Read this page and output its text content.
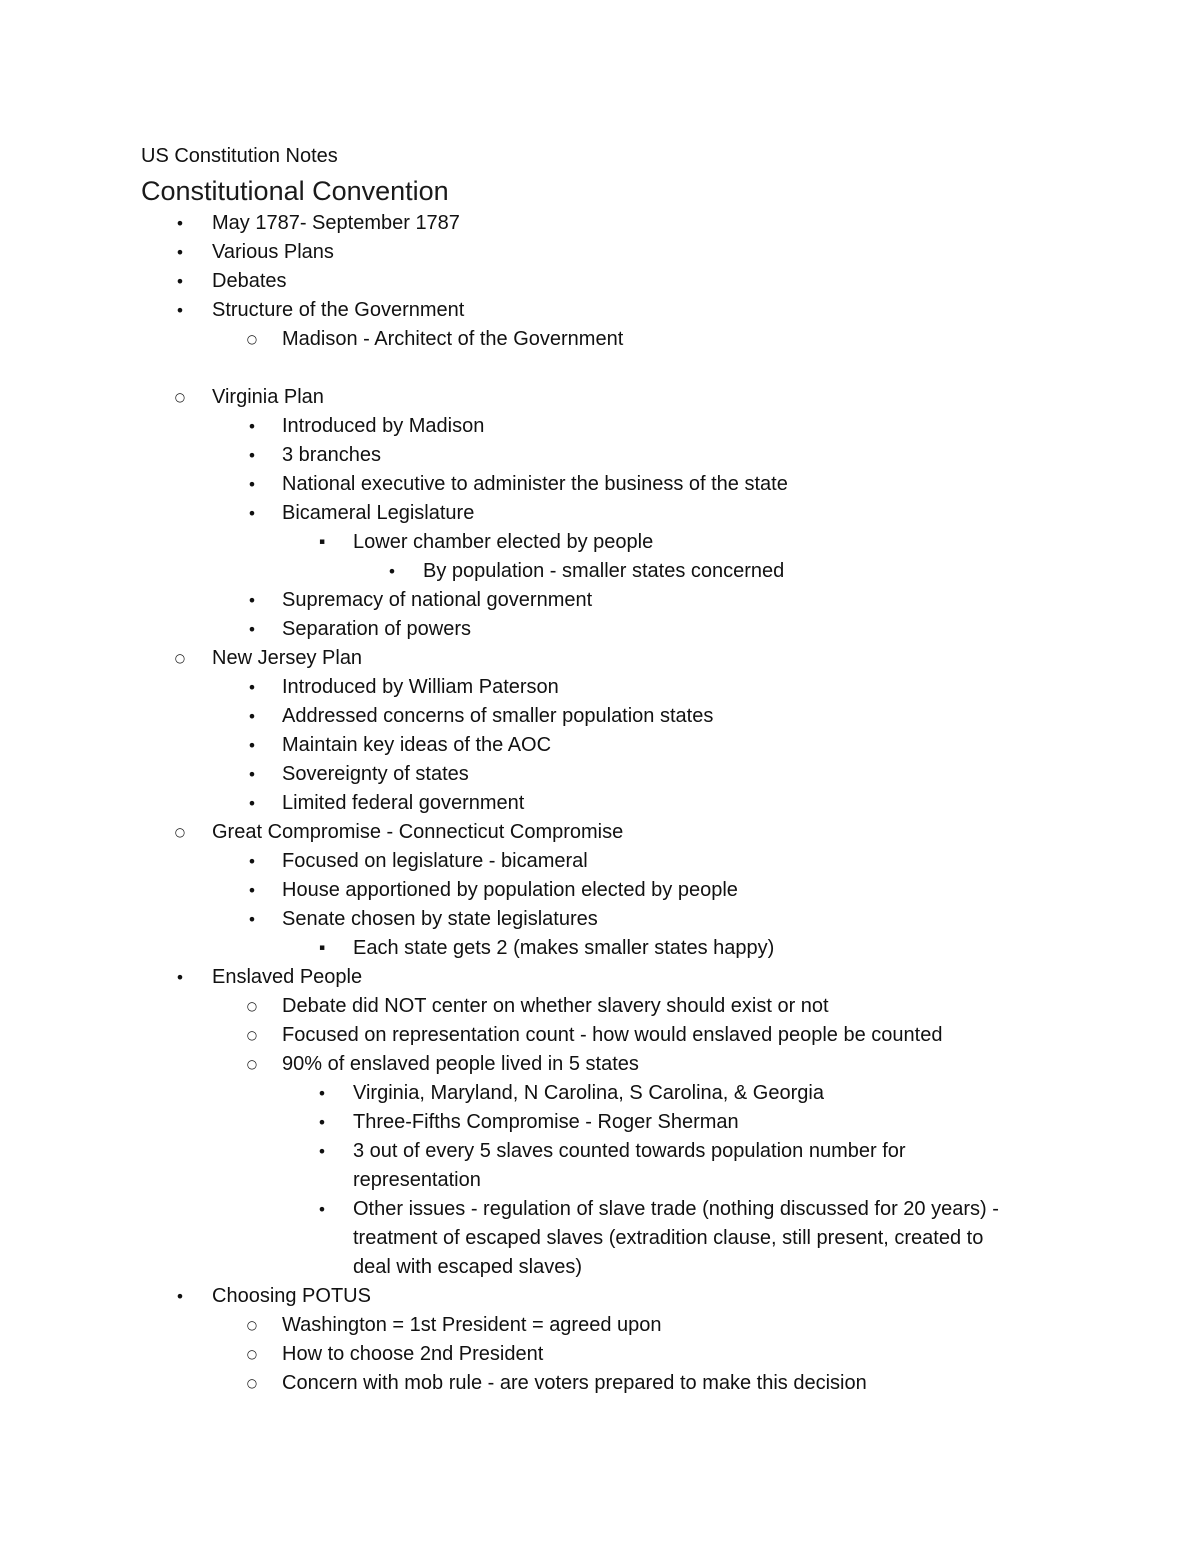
US Constitution Notes
Constitutional Convention
• May 1787- September 1787
• Various Plans
• Debates
• Structure of the Government
○ Madison - Architect of the Government
○ Virginia Plan
• Introduced by Madison
• 3 branches
• National executive to administer the business of the state
• Bicameral Legislature
▪	Lower chamber elected by people
• By population - smaller states concerned
• Supremacy of national government
• Separation of powers
○ New Jersey Plan
• Introduced by William Paterson
• Addressed concerns of smaller population states
• Maintain key ideas of the AOC
• Sovereignty of states
• Limited federal government
○ Great Compromise - Connecticut Compromise
• Focused on legislature - bicameral
• House apportioned by population elected by people
• Senate chosen by state legislatures
▪	Each state gets 2 (makes smaller states happy)
• Enslaved People
○ Debate did NOT center on whether slavery should exist or not
○ Focused on representation count - how would enslaved people be counted
○ 90% of enslaved people lived in 5 states
• Virginia, Maryland, N Carolina, S Carolina, & Georgia
• Three-Fifths Compromise - Roger Sherman
• 3 out of every 5 slaves counted towards population number for
representation
• Other issues - regulation of slave trade (nothing discussed for 20 years) -
treatment of escaped slaves (extradition clause, still present, created to
deal with escaped slaves)
• Choosing POTUS
○ Washington = 1st President = agreed upon
○ How to choose 2nd President
○ Concern with mob rule - are voters prepared to make this decision
